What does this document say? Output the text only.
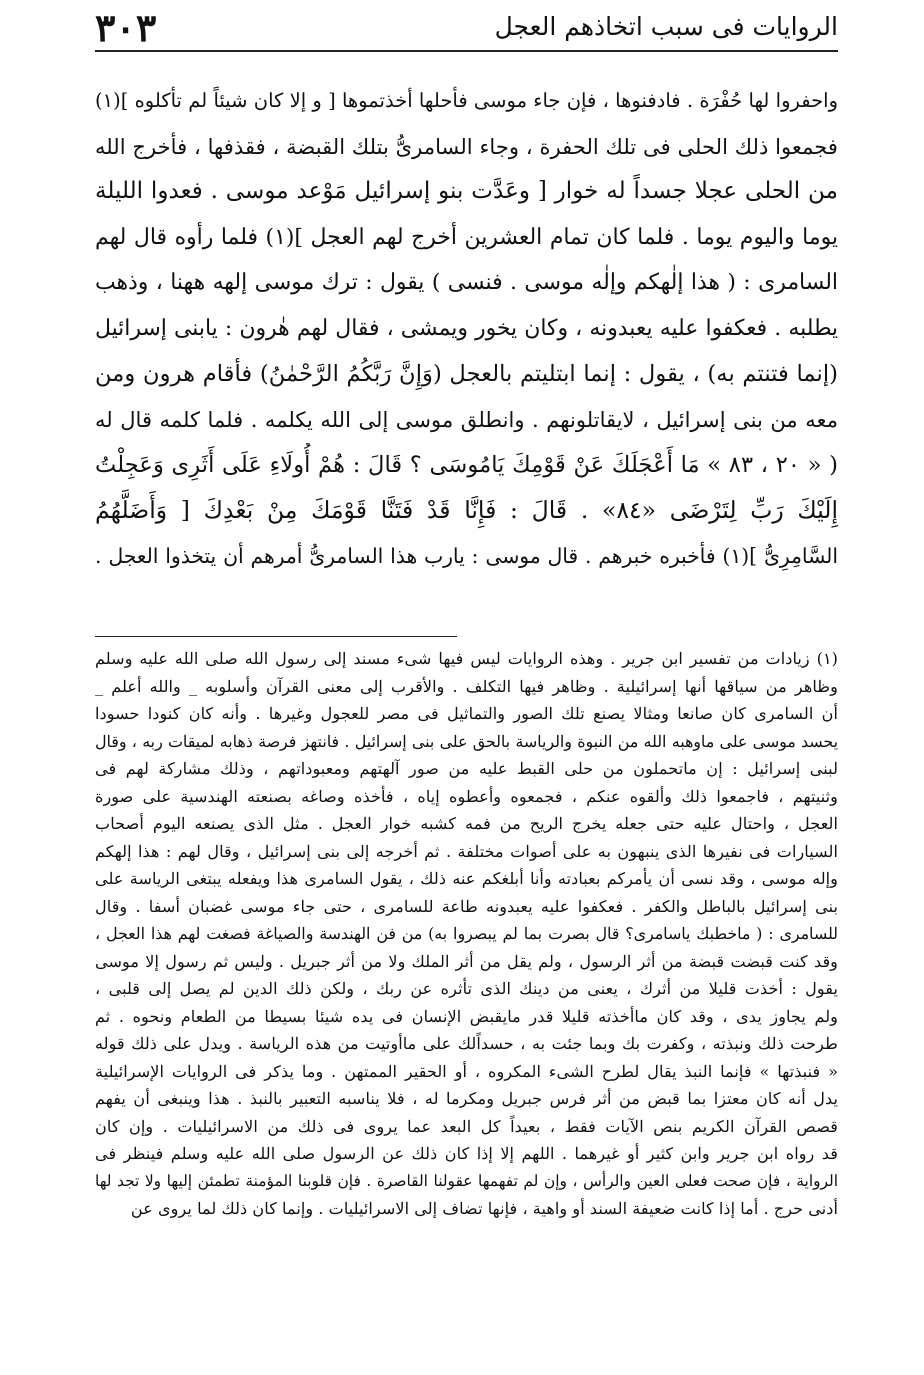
٣٠٣	الروايات فى سبب اتخاذهم العجل
واحفروا لها حُفْرَة . فادفنوها ، فإن جاء موسى فأحلها أخذتموها [ و إلا كان شيئاً لم تأكلوه ](١)
فجمعوا ذلك الحلى فى تلك الحفرة ، وجاء السامرىُّ بتلك القبضة ، فقذفها ، فأخرج الله
من الحلى عجلا جسداً له خوار [ وعَدَّت بنو إسرائيل مَوْعد موسى . فعدوا الليلة
يوما واليوم يوما . فلما كان تمام العشرين أخرج لهم العجل ](١) فلما رأوه قال لهم
السامرى : ( هذا إلٰهكم وإلٰه موسى . فنسى ) يقول : ترك موسى إلهه ههنا ، وذهب
يطلبه . فعكفوا عليه يعبدونه ، وكان يخور ويمشى ، فقال لهم هٰرون : يابنى إسرائيل
(إنما فتنتم به) ، يقول : إنما ابتليتم بالعجل (وَإِنَّ رَبَّكُمُ الرَّحْمٰنُ) فأقام هرون ومن
معه من بنى إسرائيل ، لايقاتلونهم . وانطلق موسى إلى الله يكلمه . فلما كلمه قال له
( « ٢٠ ، ٨٣ » مَا أَعْجَلَكَ عَنْ قَوْمِكَ يَامُوسَى ؟ قَالَ : هُمْ أُولَاءِ عَلَى أَثَرِى وَعَجِلْتُ
إِلَيْكَ رَبِّ لِتَرْضَى «٨٤» . قَالَ : فَإِنَّا قَدْ فَتَنَّا قَوْمَكَ مِنْ بَعْدِكَ [ وَأَضَلَّهُمُ
السَّامِرِىُّ ](١) فأخبره خبرهم . قال موسى : يارب هذا السامرىُّ أمرهم أن يتخذوا العجل .
(١) زيادات من تفسير ابن جرير . وهذه الروايات ليس فيها شىء مسند إلى رسول الله صلى الله عليه وسلم
وظاهر من سياقها أنها إسرائيلية . وظاهر فيها التكلف . والأقرب إلى معنى القرآن وأسلوبه _ والله أعلم _
أن السامرى كان صانعا ومثالا يصنع تلك الصور والتماثيل فى مصر للعجول وغيرها . وأنه كان كنودا حسودا
يحسد موسى على ماوهبه الله من النبوة والرياسة بالحق على بنى إسرائيل . فانتهز فرصة ذهابه لميقات ربه ، وقال
لبنى إسرائيل : إن ماتحملون من حلى القبط عليه من صور آلهتهم ومعبوداتهم ، وذلك مشاركة لهم فى
وثنيتهم ، فاجمعوا ذلك وألقوه عنكم ، فجمعوه وأعطوه إياه ، فأخذه وصاغه بصنعته الهندسية على صورة
العجل ، واحتال عليه حتى جعله يخرج الريح من فمه كشبه خوار العجل . مثل الذى يصنعه اليوم أصحاب
السيارات فى نفيرها الذى ينبهون به على أصوات مختلفة . ثم أخرجه إلى بنى إسرائيل ، وقال لهم : هذا إلهكم
وإله موسى ، وقد نسى أن يأمركم بعبادته وأنا أبلغكم عنه ذلك ، يقول السامرى هذا ويفعله يبتغى الرياسة على
بنى إسرائيل بالباطل والكفر . فعكفوا عليه يعبدونه طاعة للسامرى ، حتى جاء موسى غضبان أسفا . وقال
للسامرى : ( ماخطبك ياسامرى؟ قال بصرت بما لم يبصروا به) من فن الهندسة والصياغة فصغت لهم هذا العجل ،
وقد كنت قبضت قبضة من أثر الرسول ، ولم يقل من أثر الملك ولا من أثر جبريل . وليس ثم رسول إلا موسى
يقول : أخذت قليلا من أثرك ، يعنى من دينك الذى تأثره عن ربك ، ولكن ذلك الدين لم يصل إلى قلبى ،
ولم يجاوز يدى ، وقد كان ماأخذته قليلا قدر مايقبض الإنسان فى يده شيئا بسيطا من الطعام ونحوه . ثم
طرحت ذلك ونبذته ، وكفرت بك وبما جئت به ، حسداًلك على ماأوتيت من هذه الرياسة . ويدل على ذلك قوله
« فنبذتها » فإنما النبذ يقال لطرح الشىء المكروه ، أو الحقير الممتهن . وما يذكر فى الروايات الإسرائيلية
يدل أنه كان معتزا بما قبض من أثر فرس جبريل ومكرما له ، فلا يناسبه التعبير بالنبذ . هذا وينبغى أن يفهم
قصص القرآن الكريم بنص الآيات فقط ، بعيداً كل البعد عما يروى فى ذلك من الاسرائيليات . وإن كان
قد رواه ابن جرير وابن كثير أو غيرهما . اللهم إلا إذا كان ذلك عن الرسول صلى الله عليه وسلم فينظر فى
الرواية ، فإن صحت فعلى العين والرأس ، وإن لم تفهمها عقولنا القاصرة . فإن قلوبنا المؤمنة تطمئن إليها ولا تجد لها
أدنى حرج . أما إذا كانت ضعيفة السند أو واهية ، فإنها تضاف إلى الاسرائيليات . وإنما كان ذلك لما يروى عن
